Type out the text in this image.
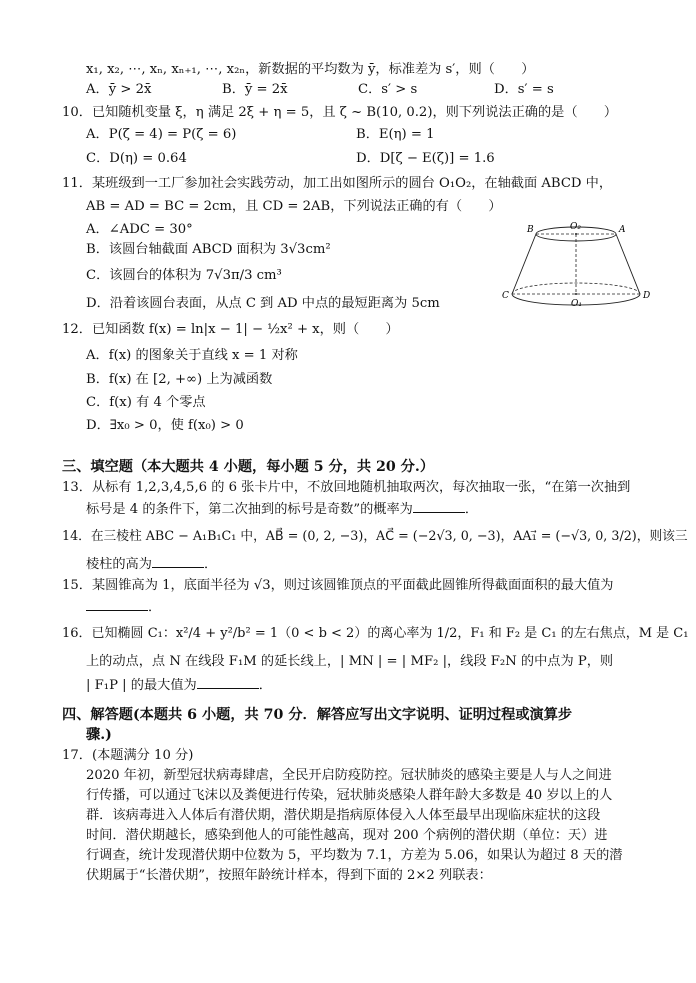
x₁, x₂, ⋯, xₙ, xₙ₊₁, ⋯, x₂ₙ，新数据的平均数为 ȳ，标准差为 s′，则（　　）
A．ȳ > 2x̄	B．ȳ = 2x̄	C．s′ > s	D．s′ = s
10．已知随机变量 ξ，η 满足 2ξ + η = 5，且 ζ ~ B(10, 0.2)，则下列说法正确的是（　　）
A．P(ζ = 4) = P(ζ = 6)	B．E(η) = 1
C．D(η) = 0.64	D．D[ζ − E(ζ)] = 1.6
11．某班级到一工厂参加社会实践劳动，加工出如图所示的圆台 O₁O₂，在轴截面 ABCD 中，
AB = AD = BC = 2cm，且 CD = 2AB，下列说法正确的有（　　）
A．∠ADC = 30°
B．该圆台轴截面 ABCD 面积为 3√3cm²
C．该圆台的体积为 7√3π/3 cm³
D．沿着该圆台表面，从点 C 到 AD 中点的最短距离为 5cm
B	O₂	A
C
O₁
D
12．已知函数 f(x) = ln|x − 1| − ½x² + x，则（　　）
A．f(x) 的图象关于直线 x = 1 对称
B．f(x) 在 [2, +∞) 上为减函数
C．f(x) 有 4 个零点
D．∃x₀ > 0，使 f(x₀) > 0
三、填空题（本大题共 4 小题，每小题 5 分，共 20 分.）
13．从标有 1,2,3,4,5,6 的 6 张卡片中，不放回地随机抽取两次，每次抽取一张，“在第一次抽到
标号是 4 的条件下，第二次抽到的标号是奇数”的概率为	．
14．在三棱柱 ABC − A₁B₁C₁ 中，AB⃗ = (0, 2, −3)，AC⃗ = (−2√3, 0, −3)，AA₁⃗ = (−√3, 0, 3/2)，则该三
棱柱的高为	．
15．某圆锥高为 1，底面半径为 √3，则过该圆锥顶点的平面截此圆锥所得截面面积的最大值为
．
16．已知椭圆 C₁：x²/4 + y²/b² = 1（0 < b < 2）的离心率为 1/2，F₁ 和 F₂ 是 C₁ 的左右焦点，M 是 C₁
上的动点，点 N 在线段 F₁M 的延长线上，| MN | = | MF₂ |，线段 F₂N 的中点为 P，则
| F₁P | 的最大值为	．
四、解答题(本题共 6 小题，共 70 分．解答应写出文字说明、证明过程或演算步
骤.)
17．(本题满分 10 分)
2020 年初，新型冠状病毒肆虐，全民开启防疫防控。冠状肺炎的感染主要是人与人之间进
行传播，可以通过飞沫以及粪便进行传染，冠状肺炎感染人群年龄大多数是 40 岁以上的人
群．该病毒进入人体后有潜伏期，潜伏期是指病原体侵入人体至最早出现临床症状的这段
时间．潜伏期越长，感染到他人的可能性越高，现对 200 个病例的潜伏期（单位：天）进
行调查，统计发现潜伏期中位数为 5，平均数为 7.1，方差为 5.06，如果认为超过 8 天的潜
伏期属于“长潜伏期”，按照年龄统计样本，得到下面的 2×2 列联表：
